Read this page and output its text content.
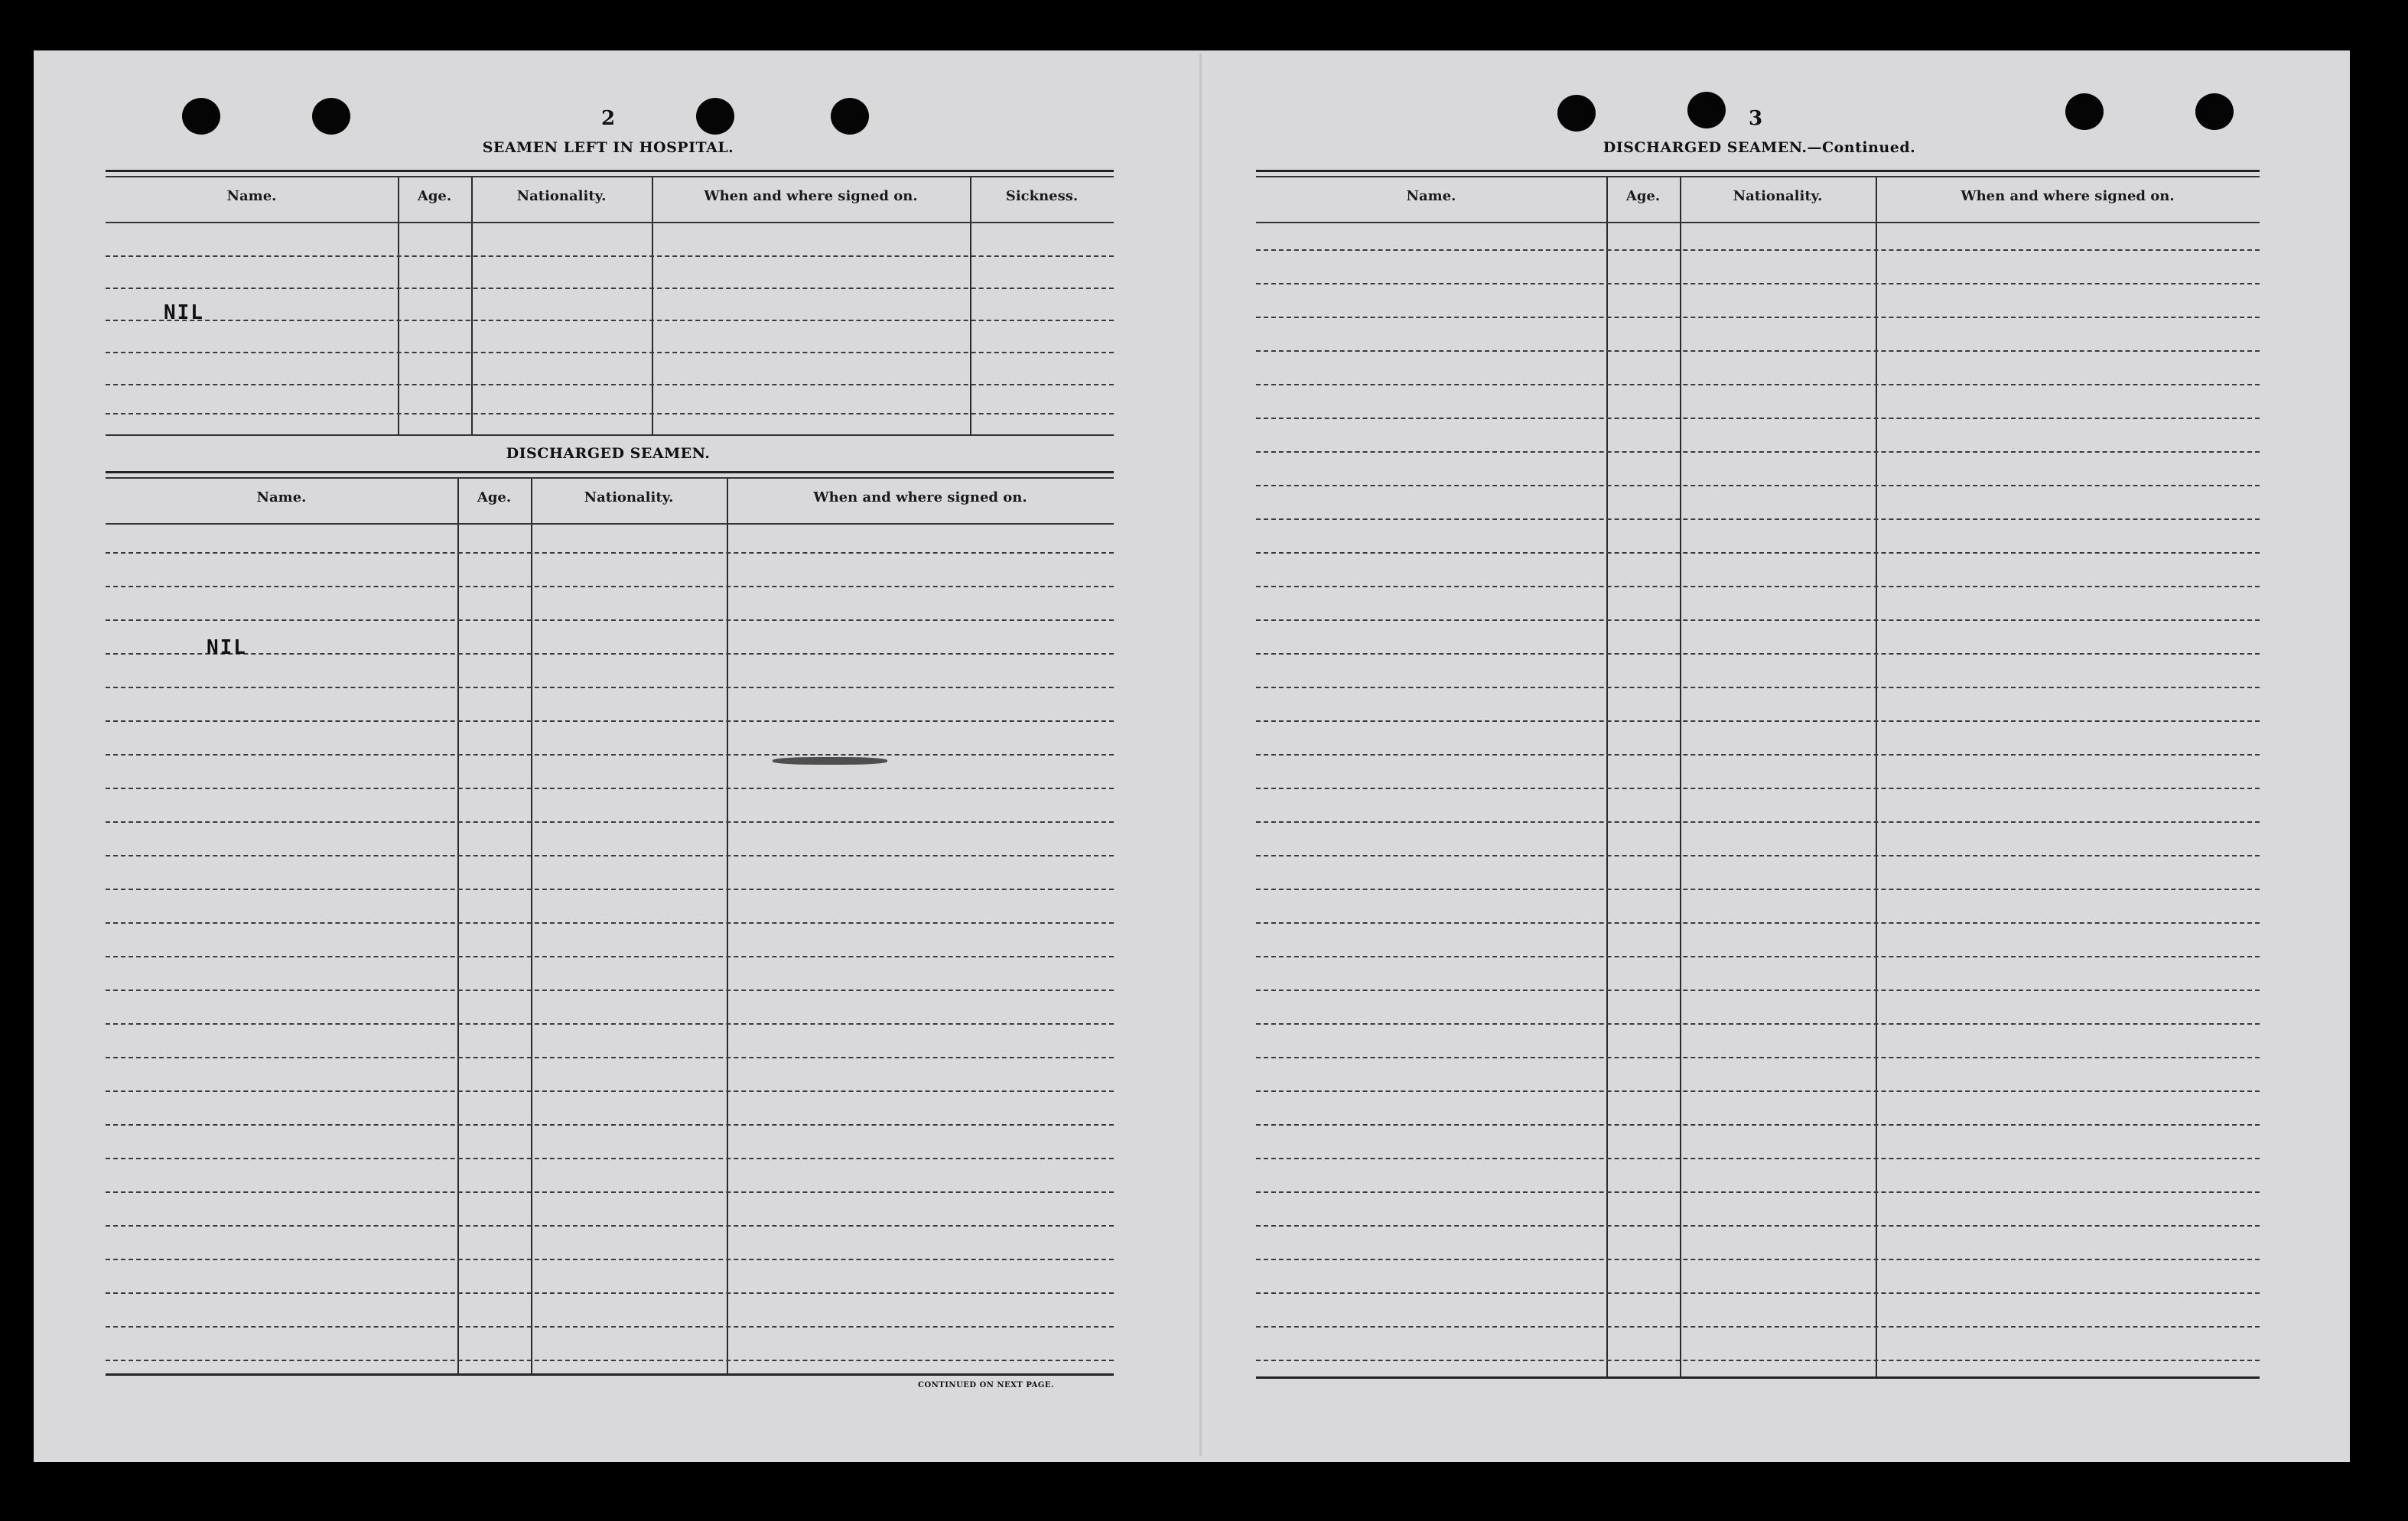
2
SEAMEN LEFT IN HOSPITAL.
Name.	Age.	Nationality.	When and where signed on.	Sickness.
NIL
DISCHARGED SEAMEN.
Name.	Age.	Nationality.	When and where signed on.
NIL
CONTINUED ON NEXT PAGE.
3
DISCHARGED SEAMEN.—Continued.
Name.	Age.	Nationality.	When and where signed on.
